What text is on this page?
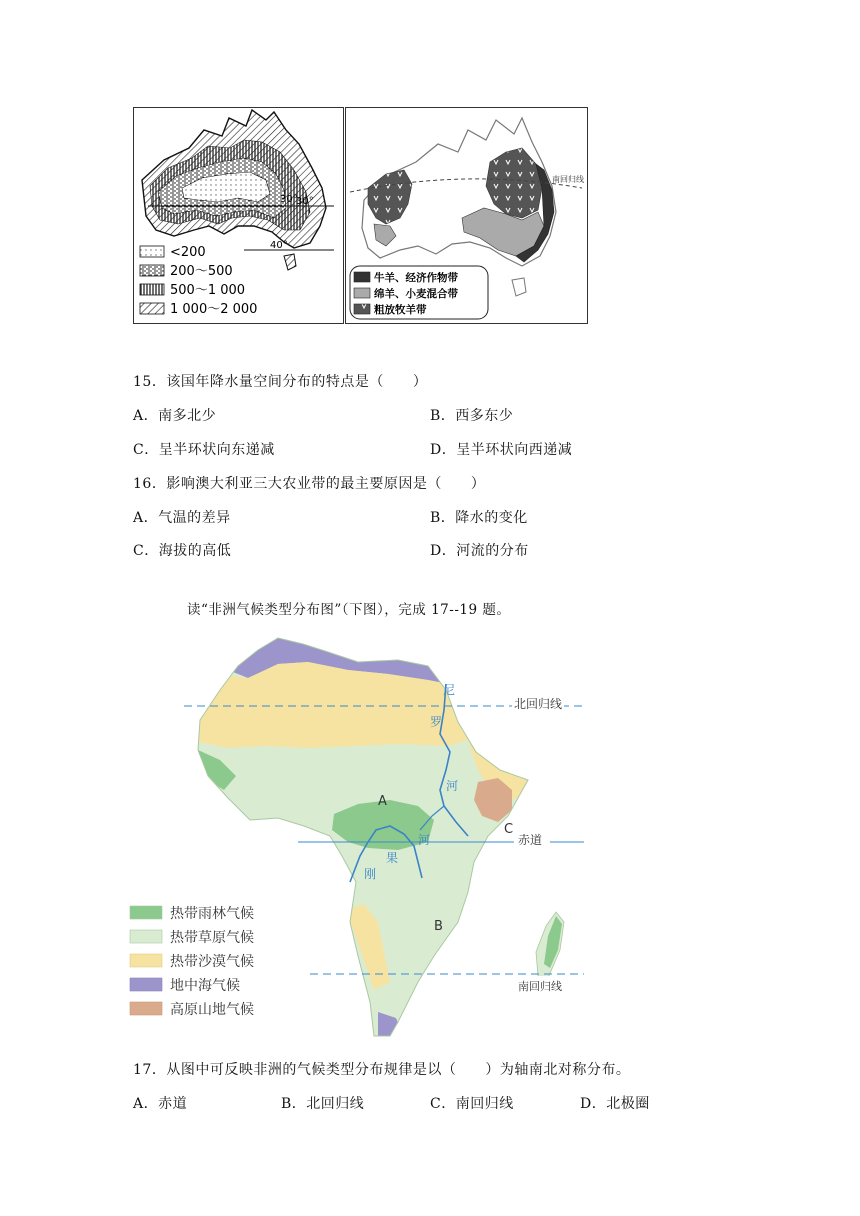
30°
30°
40°
<200
200～500
500～1 000
1 000～2 000
南回归线
牛羊、经济作物带
绵羊、小麦混合带
粗放牧羊带
15．该国年降水量空间分布的特点是（　　）
A．南多北少	B．西多东少
C．呈半环状向东递减	D．呈半环状向西递减
16．影响澳大利亚三大农业带的最主要原因是（　　）
A．气温的差异	B．降水的变化
C．海拔的高低	D．河流的分布
读“非洲气候类型分布图”（下图），完成 17--19 题。
北回归线
赤道
南回归线
尼
罗
河
刚
果
河
A
B
C
热带雨林气候
热带草原气候
热带沙漠气候
地中海气候
高原山地气候
17．从图中可反映非洲的气候类型分布规律是以（　　）为轴南北对称分布。
A．赤道	B．北回归线	C．南回归线	D．北极圈
